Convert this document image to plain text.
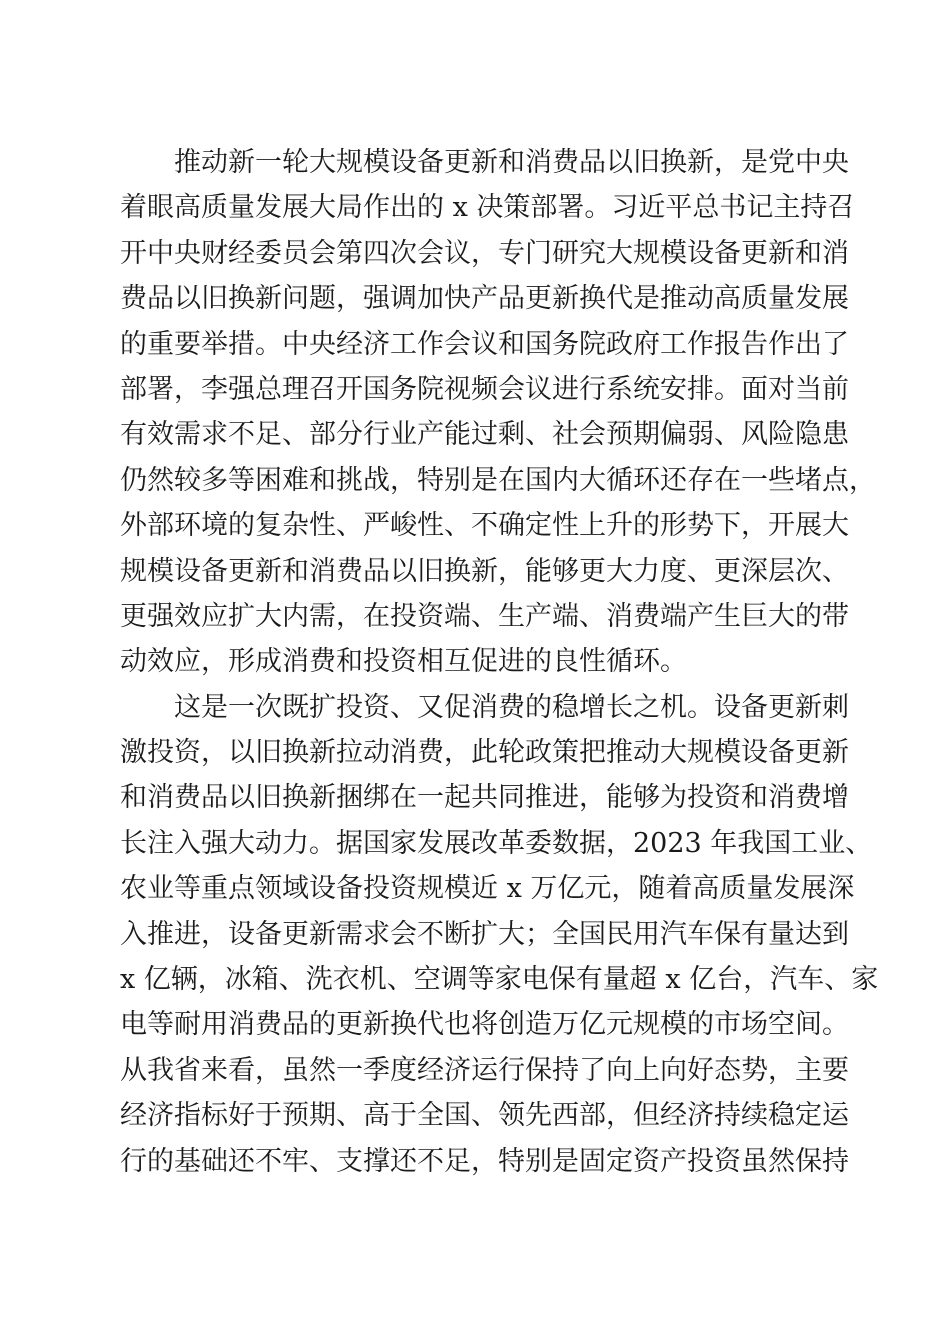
推动新一轮大规模设备更新和消费品以旧换新，是党中央
着眼高质量发展大局作出的 x 决策部署。习近平总书记主持召
开中央财经委员会第四次会议，专门研究大规模设备更新和消
费品以旧换新问题，强调加快产品更新换代是推动高质量发展
的重要举措。中央经济工作会议和国务院政府工作报告作出了
部署，李强总理召开国务院视频会议进行系统安排。面对当前
有效需求不足、部分行业产能过剩、社会预期偏弱、风险隐患
仍然较多等困难和挑战，特别是在国内大循环还存在一些堵点，
外部环境的复杂性、严峻性、不确定性上升的形势下，开展大
规模设备更新和消费品以旧换新，能够更大力度、更深层次、
更强效应扩大内需，在投资端、生产端、消费端产生巨大的带
动效应，形成消费和投资相互促进的良性循环。
这是一次既扩投资、又促消费的稳增长之机。设备更新刺
激投资，以旧换新拉动消费，此轮政策把推动大规模设备更新
和消费品以旧换新捆绑在一起共同推进，能够为投资和消费增
长注入强大动力。据国家发展改革委数据，2023 年我国工业、
农业等重点领域设备投资规模近 x 万亿元，随着高质量发展深
入推进，设备更新需求会不断扩大；全国民用汽车保有量达到
x 亿辆，冰箱、洗衣机、空调等家电保有量超 x 亿台，汽车、家
电等耐用消费品的更新换代也将创造万亿元规模的市场空间。
从我省来看，虽然一季度经济运行保持了向上向好态势，主要
经济指标好于预期、高于全国、领先西部，但经济持续稳定运
行的基础还不牢、支撑还不足，特别是固定资产投资虽然保持
